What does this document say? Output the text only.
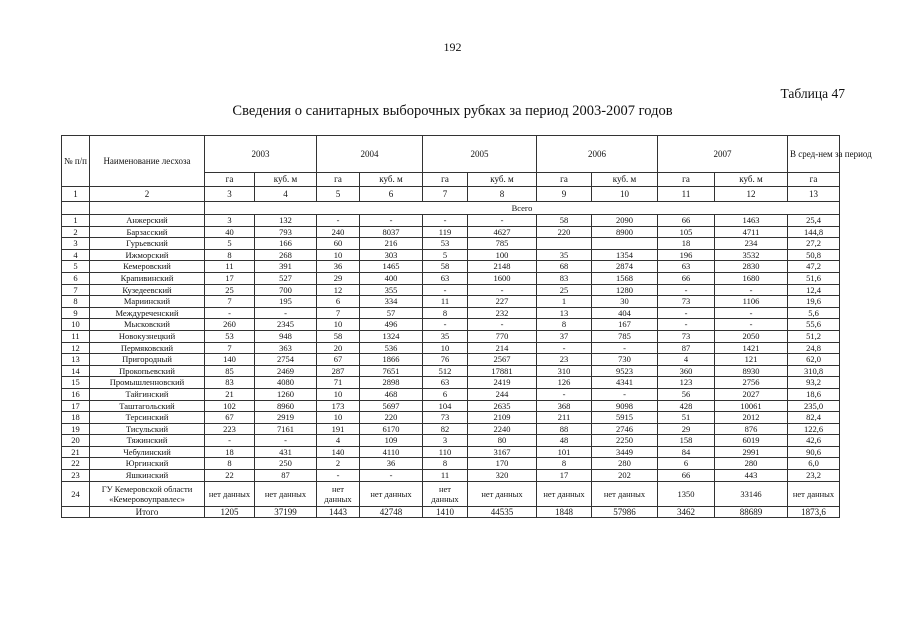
192
Таблица 47
Сведения о санитарных выборочных рубках за период 2003-2007 годов
№ п/п	Наименование лесхоза	2003		2004		2005		2006		2007		В сред-нем за период
		га	куб. м	га	куб. м	га	куб. м	га	куб. м	га	куб. м	га
1	2	3	4	5	6	7	8	9	10	11	12	13
		Всего										
1	Анжерский	3	132	-	-	-	-	58	2090	66	1463	25,4
2	Барзасский	40	793	240	8037	119	4627	220	8900	105	4711	144,8
3	Гурьевский	5	166	60	216	53	785			18	234	27,2
4	Ижморский	8	268	10	303	5	100	35	1354	196	3532	50,8
5	Кемеровский	11	391	36	1465	58	2148	68	2874	63	2830	47,2
6	Крапивинский	17	527	29	400	63	1600	83	1568	66	1680	51,6
7	Кузедеевский	25	700	12	355	-	-	25	1280	-	-	12,4
8	Мариинский	7	195	6	334	11	227	1	30	73	1106	19,6
9	Междуреченский	-	-	7	57	8	232	13	404	-	-	5,6
10	Мысковский	260	2345	10	496	-	-	8	167	-	-	55,6
11	Новокузнецкий	53	948	58	1324	35	770	37	785	73	2050	51,2
12	Пермяковский	7	363	20	536	10	214	-	-	87	1421	24,8
13	Пригородный	140	2754	67	1866	76	2567	23	730	4	121	62,0
14	Прокопьевский	85	2469	287	7651	512	17881	310	9523	360	8930	310,8
15	Промышленновский	83	4080	71	2898	63	2419	126	4341	123	2756	93,2
16	Тайгинский	21	1260	10	468	6	244	-	-	56	2027	18,6
17	Таштагольский	102	8960	173	5697	104	2635	368	9098	428	10061	235,0
18	Терсинский	67	2919	10	220	73	2109	211	5915	51	2012	82,4
19	Тисульский	223	7161	191	6170	82	2240	88	2746	29	876	122,6
20	Тяжинский	-	-	4	109	3	80	48	2250	158	6019	42,6
21	Чебулинский	18	431	140	4110	110	3167	101	3449	84	2991	90,6
22	Юргинский	8	250	2	36	8	170	8	280	6	280	6,0
23	Яшкинский	22	87	-	-	11	320	17	202	66	443	23,2
24	ГУ Кемеровской области «Кемеровоуправлес»	нет данных	нет данных	нет данных	нет данных	нет данных	нет данных	нет данных	нет данных	1350	33146	нет данных
	Итого	1205	37199	1443	42748	1410	44535	1848	57986	3462	88689	1873,6
